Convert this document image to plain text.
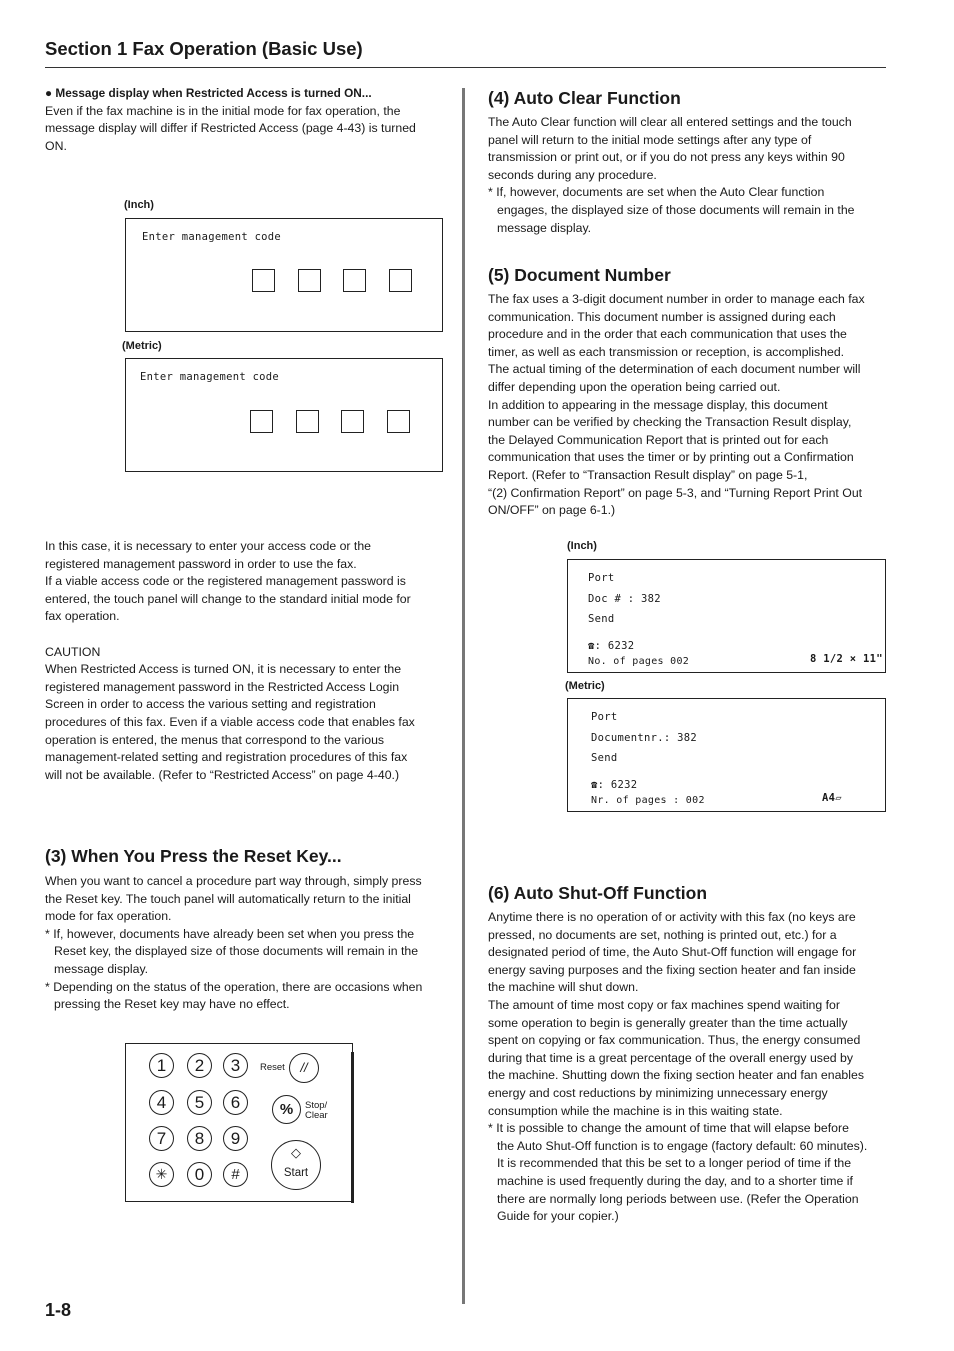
Section 1 Fax Operation (Basic Use)

● Message display when Restricted Access is turned ON...

Even if the fax machine is in the initial mode for fax operation, the

message display will differ if Restricted Access (page 4-43) is turned

ON.

(Inch)
Enter management code
(Metric)
Enter management code

In this case, it is necessary to enter your access code or the

registered management password in order to use the fax.

If a viable access code or the registered management password is

entered, the touch panel will change to the standard initial mode for

fax operation.

CAUTION

When Restricted Access is turned ON, it is necessary to enter the

registered management password in the Restricted Access Login

Screen in order to access the various setting and registration

procedures of this fax. Even if a viable access code that enables fax

operation is entered, the menus that correspond to the various

management-related setting and registration procedures of this fax

will not be available. (Refer to “Restricted Access” on page 4-40.)

(3) When You Press the Reset Key...

When you want to cancel a procedure part way through, simply press

the Reset key. The touch panel will automatically return to the initial

mode for fax operation.

* If, however, documents have already been set when you press the

Reset key, the displayed size of those documents will remain in the

message display.

* Depending on the status of the operation, there are occasions when

pressing the Reset key may have no effect.

1	2	3
4	5	6
7	8	9
✳	0	#
Reset	//
%	Stop/
Clear
◇
Start
(4) Auto Clear Function

The Auto Clear function will clear all entered settings and the touch

panel will return to the initial mode settings after any type of

transmission or print out, or if you do not press any keys within 90

seconds during any procedure.

* If, however, documents are set when the Auto Clear function

engages, the displayed size of those documents will remain in the

message display.

(5) Document Number

The fax uses a 3-digit document number in order to manage each fax

communication. This document number is assigned during each

procedure and in the order that each communication that uses the

timer, as well as each transmission or reception, is accomplished.

The actual timing of the determination of each document number will

differ depending upon the operation being carried out.

In addition to appearing in the message display, this document

number can be verified by checking the Transaction Result display,

the Delayed Communication Report that is printed out for each

communication that uses the timer or by printing out a Confirmation

Report. (Refer to “Transaction Result display” on page 5-1,

“(2) Confirmation Report” on page 5-3, and “Turning Report Print Out

ON/OFF” on page 6-1.)

(Inch)
Port
Doc # : 382
Send
☎: 6232
No. of pages 002	8 1/2 × 11"
(Metric)
Port
Documentnr.: 382
Send
☎: 6232
Nr. of pages : 002	A4▱
(6) Auto Shut-Off Function

Anytime there is no operation of or activity with this fax (no keys are

pressed, no documents are set, nothing is printed out, etc.) for a

designated period of time, the Auto Shut-Off function will engage for

energy saving purposes and the fixing section heater and fan inside

the machine will shut down.

The amount of time most copy or fax machines spend waiting for

some operation to begin is generally greater than the time actually

spent on copying or fax communication. Thus, the energy consumed

during that time is a great percentage of the overall energy used by

the machine. Shutting down the fixing section heater and fan enables

energy and cost reductions by minimizing unnecessary energy

consumption while the machine is in this waiting state.

* It is possible to change the amount of time that will elapse before

the Auto Shut-Off function is to engage (factory default: 60 minutes).

It is recommended that this be set to a longer period of time if the

machine is used frequently during the day, and to a shorter time if

there are normally long periods between use. (Refer the Operation

Guide for your copier.)

1-8
